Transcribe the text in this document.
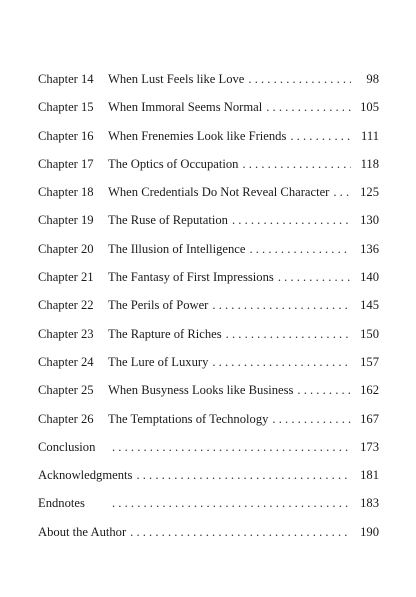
Chapter 14	When Lust Feels like Love . . .	98
Chapter 15	When Immoral Seems Normal . . .	105
Chapter 16	When Frenemies Look like Friends . . .	111
Chapter 17	The Optics of Occupation . . .	118
Chapter 18	When Credentials Do Not Reveal Character . . .	125
Chapter 19	The Ruse of Reputation . . .	130
Chapter 20	The Illusion of Intelligence . . .	136
Chapter 21	The Fantasy of First Impressions . . .	140
Chapter 22	The Perils of Power . . .	145
Chapter 23	The Rapture of Riches . . .	150
Chapter 24	The Lure of Luxury . . .	157
Chapter 25	When Busyness Looks like Business . . .	162
Chapter 26	The Temptations of Technology . . .	167
Conclusion . . .	173
Acknowledgments . . .	181
Endnotes . . .	183
About the Author . . .	190
